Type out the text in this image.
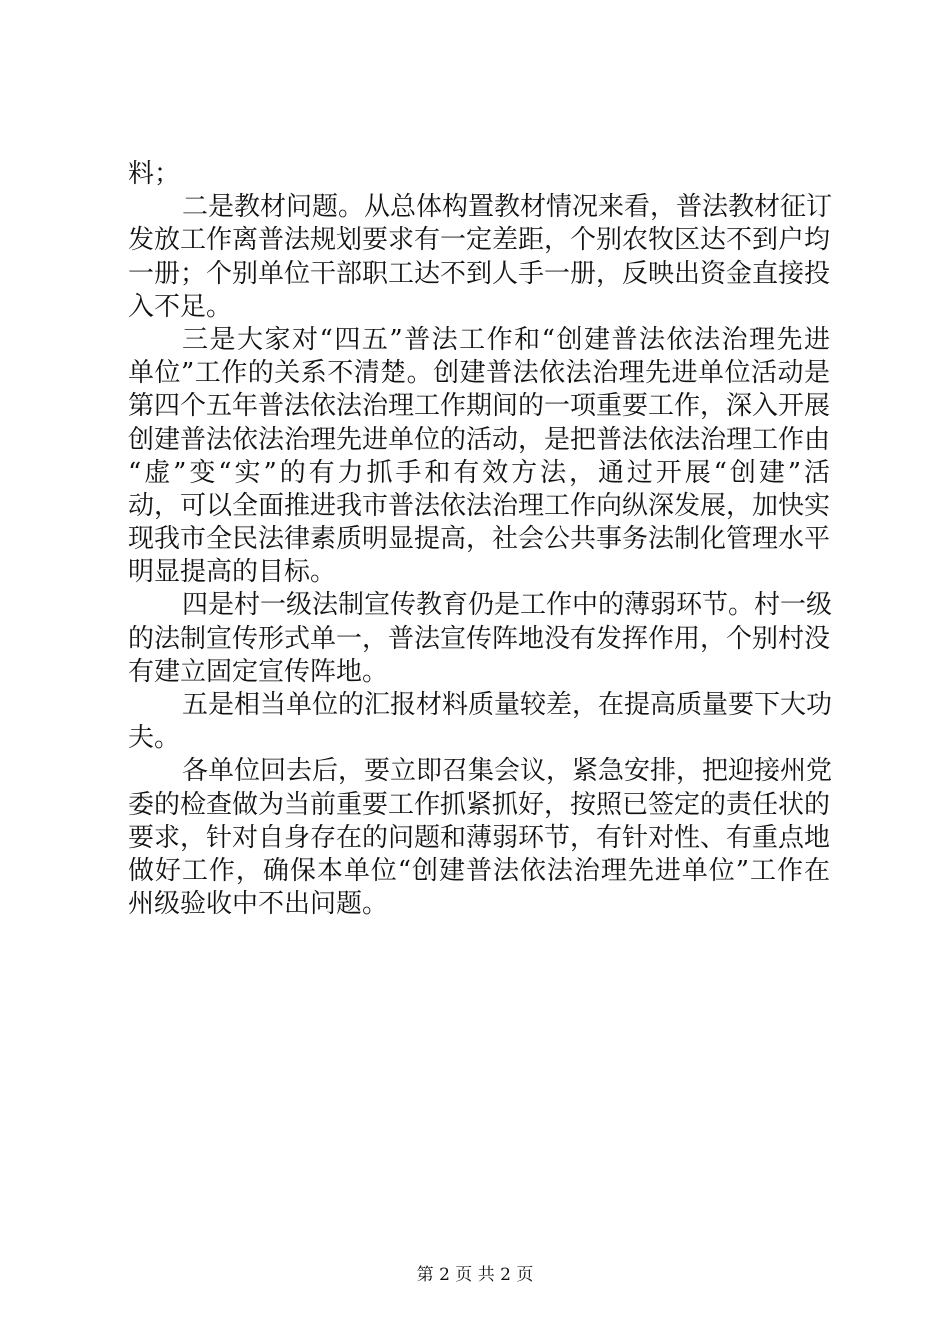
料；
二是教材问题。从总体构置教材情况来看，普法教材征订
发放工作离普法规划要求有一定差距，个别农牧区达不到户均
一册；个别单位干部职工达不到人手一册，反映出资金直接投
入不足。
三是大家对“四五”普法工作和“创建普法依法治理先进
单位”工作的关系不清楚。创建普法依法治理先进单位活动是
第四个五年普法依法治理工作期间的一项重要工作，深入开展
创建普法依法治理先进单位的活动，是把普法依法治理工作由
“虚”变“实”的有力抓手和有效方法，通过开展“创建”活
动，可以全面推进我市普法依法治理工作向纵深发展，加快实
现我市全民法律素质明显提高，社会公共事务法制化管理水平
明显提高的目标。
四是村一级法制宣传教育仍是工作中的薄弱环节。村一级
的法制宣传形式单一，普法宣传阵地没有发挥作用，个别村没
有建立固定宣传阵地。
五是相当单位的汇报材料质量较差，在提高质量要下大功
夫。
各单位回去后，要立即召集会议，紧急安排，把迎接州党
委的检查做为当前重要工作抓紧抓好，按照已签定的责任状的
要求，针对自身存在的问题和薄弱环节，有针对性、有重点地
做好工作，确保本单位“创建普法依法治理先进单位”工作在
州级验收中不出问题。
第 2 页 共 2 页
